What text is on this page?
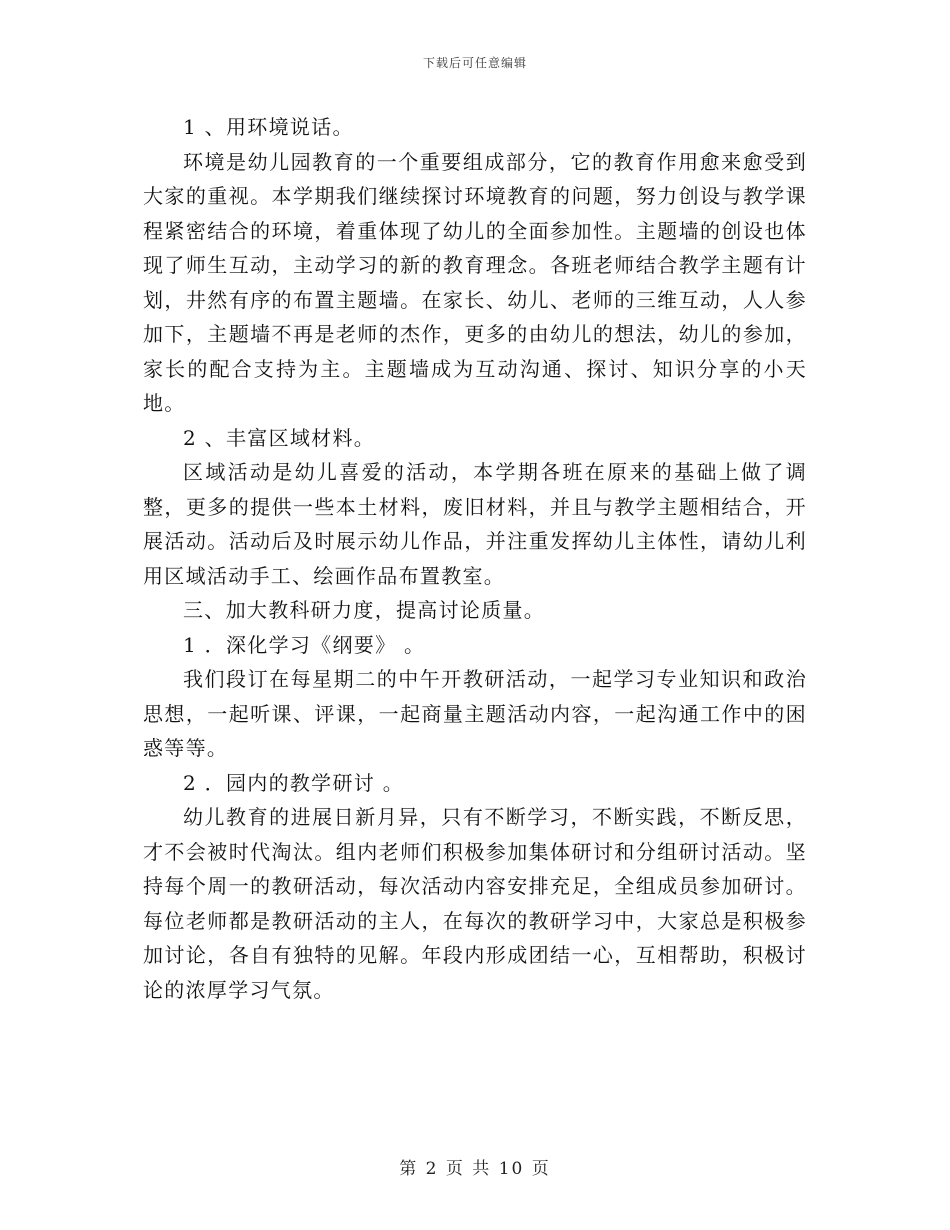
下载后可任意编辑

1 、用环境说话。

环境是幼儿园教育的一个重要组成部分，它的教育作用愈来愈受到大家的重视。本学期我们继续探讨环境教育的问题，努力创设与教学课程紧密结合的环境，着重体现了幼儿的全面参加性。主题墙的创设也体现了师生互动，主动学习的新的教育理念。各班老师结合教学主题有计划，井然有序的布置主题墙。在家长、幼儿、老师的三维互动，人人参加下，主题墙不再是老师的杰作，更多的由幼儿的想法，幼儿的参加，家长的配合支持为主。主题墙成为互动沟通、探讨、知识分享的小天地。

2 、丰富区域材料。

区域活动是幼儿喜爱的活动，本学期各班在原来的基础上做了调整，更多的提供一些本土材料，废旧材料，并且与教学主题相结合，开展活动。活动后及时展示幼儿作品，并注重发挥幼儿主体性，请幼儿利用区域活动手工、绘画作品布置教室。

三、加大教科研力度，提高讨论质量。

1 ．深化学习《纲要》 。

我们段订在每星期二的中午开教研活动，一起学习专业知识和政治思想，一起听课、评课，一起商量主题活动内容，一起沟通工作中的困惑等等。

2 ．园内的教学研讨 。

幼儿教育的进展日新月异，只有不断学习，不断实践，不断反思，才不会被时代淘汰。组内老师们积极参加集体研讨和分组研讨活动。坚持每个周一的教研活动，每次活动内容安排充足，全组成员参加研讨。每位老师都是教研活动的主人，在每次的教研学习中，大家总是积极参加讨论，各自有独特的见解。年段内形成团结一心，互相帮助，积极讨论的浓厚学习气氛。

第 2 页 共 10 页
